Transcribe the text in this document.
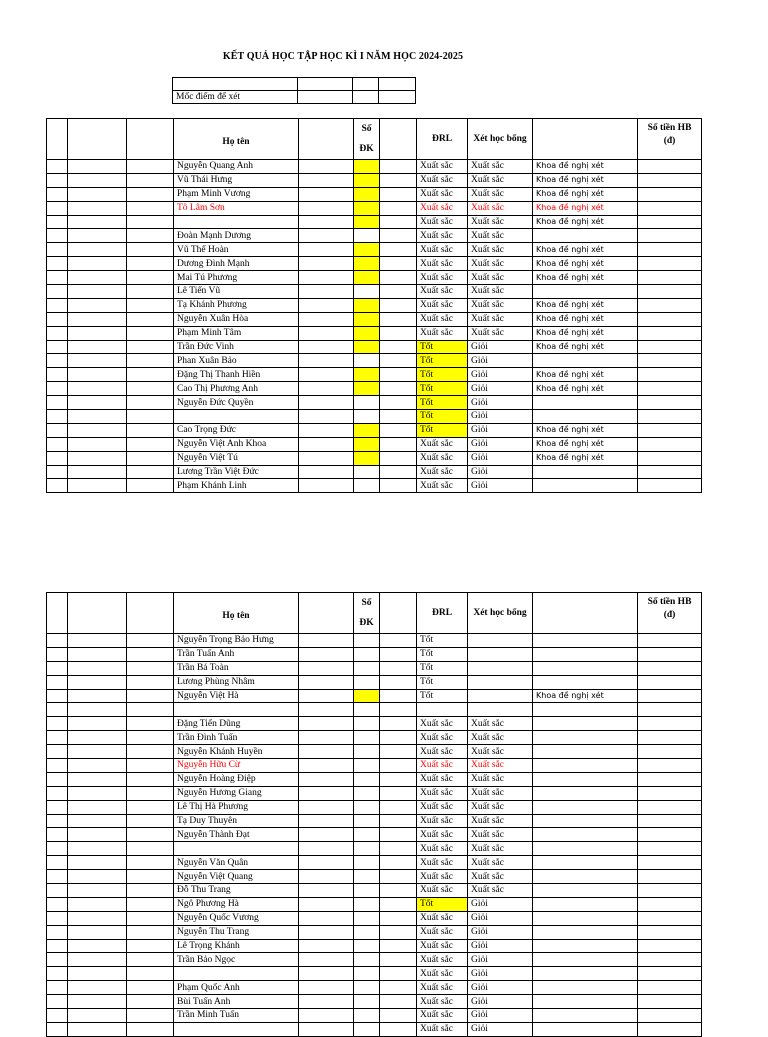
KẾT QUẢ HỌC TẬP HỌC KÌ I NĂM HỌC 2024-2025

Mốc điểm để xét			
			Họ tên		Số
ĐK		ĐRL	Xét học bổng		Số tiền HB
(đ)
			Nguyễn Quang Anh				Xuất sắc	Xuất sắc	Khoa đề nghị xét	
			Vũ Thái Hưng				Xuất sắc	Xuất sắc	Khoa đề nghị xét	
			Phạm Minh Vương				Xuất sắc	Xuất sắc	Khoa đề nghị xét	
			Tô Lâm Sơn				Xuất sắc	Xuất sắc	Khoa đề nghị xét	
							Xuất sắc	Xuất sắc	Khoa đề nghị xét	
			Đoàn Mạnh Dương				Xuất sắc	Xuất sắc		
			Vũ Thế Hoàn				Xuất sắc	Xuất sắc	Khoa đề nghị xét	
			Dương Đình Mạnh				Xuất sắc	Xuất sắc	Khoa đề nghị xét	
			Mai Tú Phương				Xuất sắc	Xuất sắc	Khoa đề nghị xét	
			Lê Tiến Vũ				Xuất sắc	Xuất sắc		
			Tạ Khánh Phương				Xuất sắc	Xuất sắc	Khoa đề nghị xét	
			Nguyễn Xuân Hòa				Xuất sắc	Xuất sắc	Khoa đề nghị xét	
			Phạm Minh Tâm				Xuất sắc	Xuất sắc	Khoa đề nghị xét	
			Trần Đức Vinh				Tốt	Giỏi	Khoa đề nghị xét	
			Phan Xuân Bảo				Tốt	Giỏi		
			Đặng Thị Thanh Hiền				Tốt	Giỏi	Khoa đề nghị xét	
			Cao Thị Phương Anh				Tốt	Giỏi	Khoa đề nghị xét	
			Nguyễn Đức Quyền				Tốt	Giỏi		
							Tốt	Giỏi		
			Cao Trọng Đức				Tốt	Giỏi	Khoa đề nghị xét	
			Nguyễn Việt Anh Khoa				Xuất sắc	Giỏi	Khoa đề nghị xét	
			Nguyễn Việt Tú				Xuất sắc	Giỏi	Khoa đề nghị xét	
			Lương Trần Việt Đức				Xuất sắc	Giỏi		
			Phạm Khánh Linh				Xuất sắc	Giỏi		
			Họ tên		Số
ĐK		ĐRL	Xét học bổng		Số tiền HB
(đ)
			Nguyễn Trọng Bảo Hưng				Tốt			
			Trần Tuấn Anh				Tốt			
			Trần Bá Toàn				Tốt			
			Lương Phùng Nhâm				Tốt			
			Nguyễn Việt Hà				Tốt		Khoa đề nghị xét	

			Đặng Tiến Dũng				Xuất sắc	Xuất sắc		
			Trần Đình Tuấn				Xuất sắc	Xuất sắc		
			Nguyễn Khánh Huyền				Xuất sắc	Xuất sắc		
			Nguyễn Hữu Cừ				Xuất sắc	Xuất sắc		
			Nguyễn Hoàng Điệp				Xuất sắc	Xuất sắc		
			Nguyễn Hương Giang				Xuất sắc	Xuất sắc		
			Lê Thị Hà Phương				Xuất sắc	Xuất sắc		
			Tạ Duy Thuyên				Xuất sắc	Xuất sắc		
			Nguyễn Thành Đạt				Xuất sắc	Xuất sắc		
							Xuất sắc	Xuất sắc		
			Nguyễn Văn Quân				Xuất sắc	Xuất sắc		
			Nguyễn Việt Quang				Xuất sắc	Xuất sắc		
			Đỗ Thu Trang				Xuất sắc	Xuất sắc		
			Ngô Phương Hà				Tốt	Giỏi		
			Nguyễn Quốc Vương				Xuất sắc	Giỏi		
			Nguyễn Thu Trang				Xuất sắc	Giỏi		
			Lê Trọng Khánh				Xuất sắc	Giỏi		
			Trần Bảo Ngọc				Xuất sắc	Giỏi		
							Xuất sắc	Giỏi		
			Phạm Quốc Anh				Xuất sắc	Giỏi		
			Bùi Tuấn Anh				Xuất sắc	Giỏi		
			Trần Minh Tuấn				Xuất sắc	Giỏi		
							Xuất sắc	Giỏi		
